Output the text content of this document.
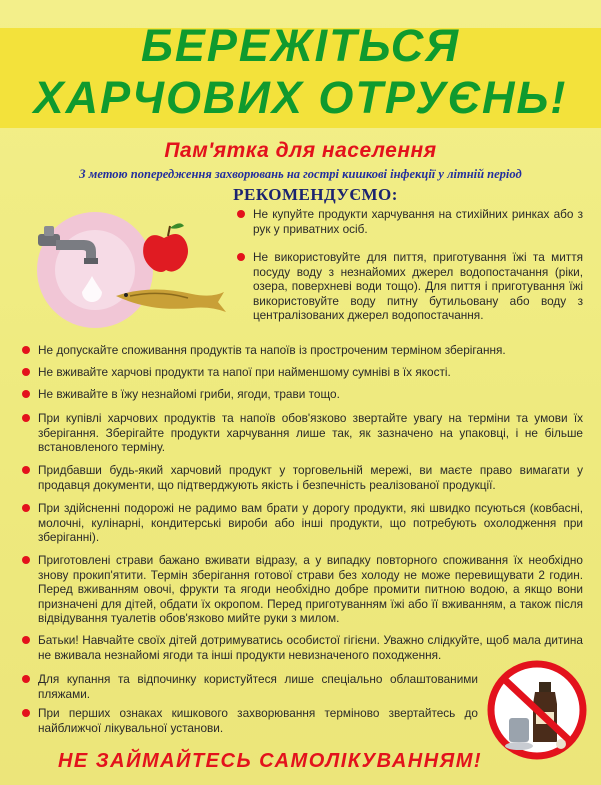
БЕРЕЖІТЬСЯ
ХАРЧОВИХ ОТРУЄНЬ!
Пам'ятка для населення
З метою попередження захворювань на гострі кишкові інфекції у літній період
РЕКОМЕНДУЄМО:
Не купуйте продукти харчування на стихійних ринках або з рук у приватних осіб.
Не використовуйте для пиття, приготування їжі та миття посуду воду з незнайомих джерел водопостачання (ріки, озера, поверхневі води тощо). Для пиття і приготування їжі використовуйте воду питну бутильовану або воду з централізованих джерел водопостачання.
Не допускайте споживання продуктів та напоїв із простроченим терміном зберігання.
Не вживайте харчові продукти та напої при найменшому сумніві в їх якості.
Не вживайте в їжу незнайомі гриби, ягоди, трави тощо.
При купівлі харчових продуктів та напоїв обов'язково звертайте увагу на терміни та умови їх зберігання. Зберігайте продукти харчування лише так, як зазначено на упаковці, і не більше встановленого терміну.
Придбавши будь-який харчовий продукт у торговельній мережі, ви маєте право вимагати у продавця документи, що підтверджують якість і безпечність реалізованої продукції.
При здійсненні подорожі не радимо вам брати у дорогу продукти, які швидко псуються (ковбасні, молочні, кулінарні, кондитерські вироби або інші продукти, що потребують охолодження при зберіганні).
Приготовлені страви бажано вживати відразу, а у випадку повторного споживання їх необхідно знову прокип'ятити. Термін зберігання готової страви без холоду не може перевищувати 2 годин. Перед вживанням овочі, фрукти та ягоди необхідно добре промити питною водою, а якщо вони призначені для дітей, обдати їх окропом. Перед приготуванням їжі або її вживанням, а також після відвідування туалетів обов'язково мийте руки з милом.
Батьки! Навчайте своїх дітей дотримуватись особистої гігієни. Уважно слідкуйте, щоб мала дитина не вживала незнайомі ягоди та інші продукти невизначеного походження.
Для купання та відпочинку користуйтеся лише спеціально облаштованими пляжами.
При перших ознаках кишкового захворювання терміново звертайтесь до найближчої лікувальної установи.
НЕ ЗАЙМАЙТЕСЬ САМОЛІКУВАННЯМ!
